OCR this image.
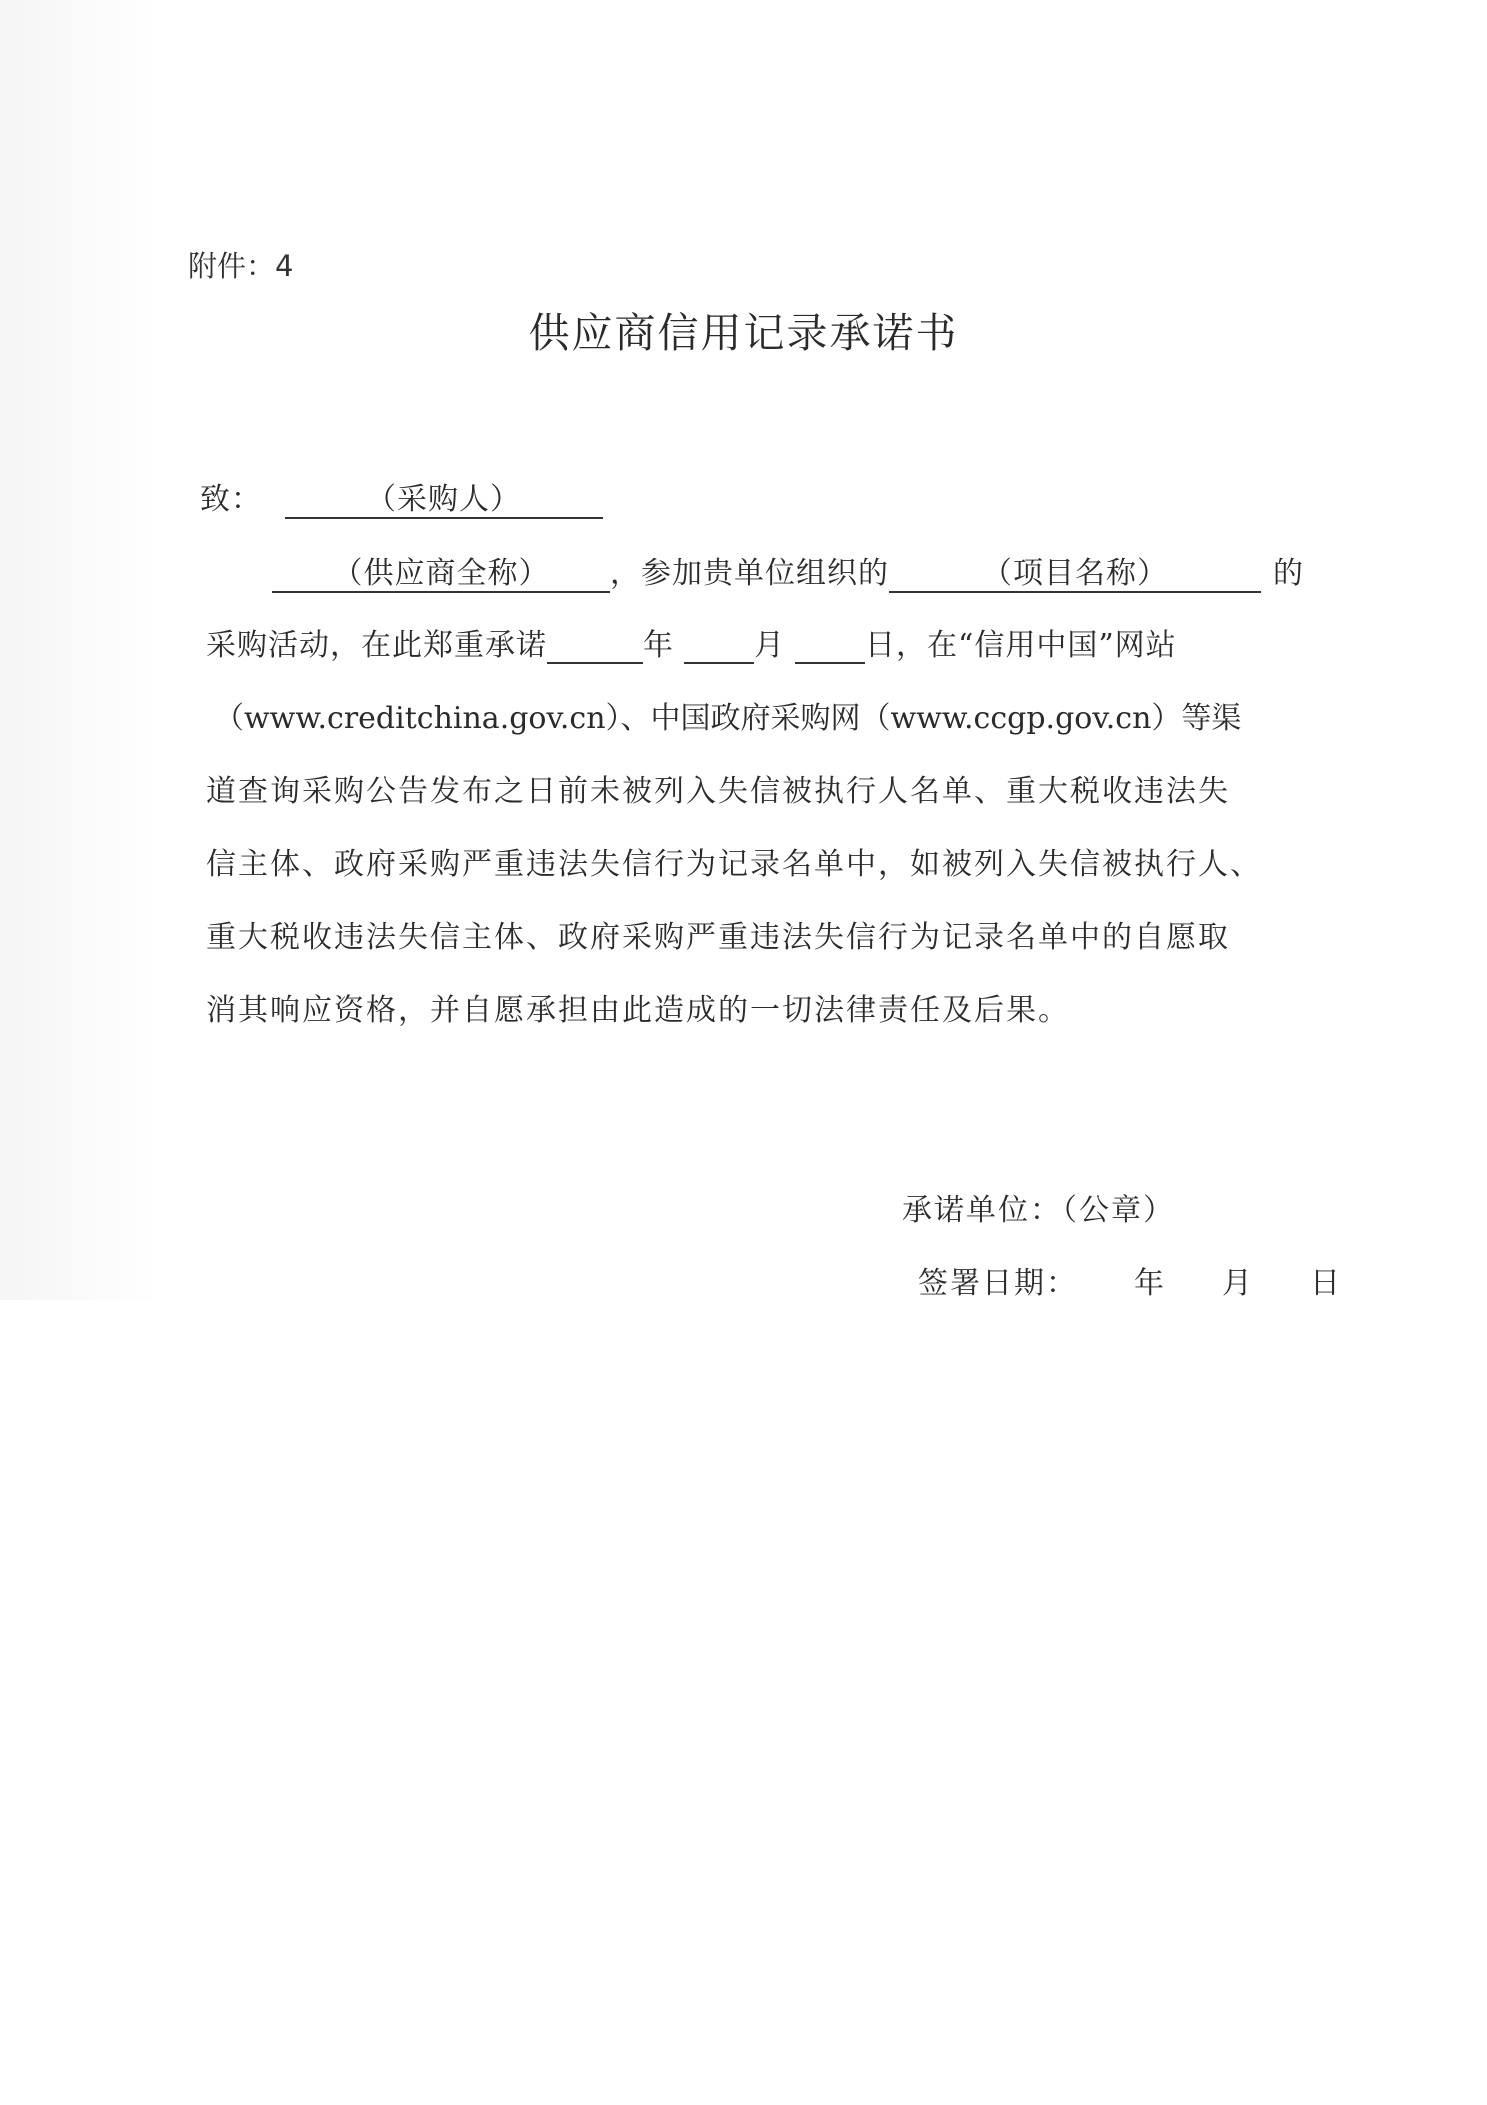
附件：4
供应商信用记录承诺书
致：	（采购人）
（供应商全称） ，参加贵单位组织的	（项目名称）	的
采购活动，在此郑重承诺	年	月	日，在“信用中国”网站
（www.creditchina.gov.cn）、中国政府采购网（www.ccgp.gov.cn）等渠
道查询采购公告发布之日前未被列入失信被执行人名单、重大税收违法失
信主体、政府采购严重违法失信行为记录名单中，如被列入失信被执行人、
重大税收违法失信主体、政府采购严重违法失信行为记录名单中的自愿取
消其响应资格，并自愿承担由此造成的一切法律责任及后果。
承诺单位：（公章）
签署日期： 年 月 日
